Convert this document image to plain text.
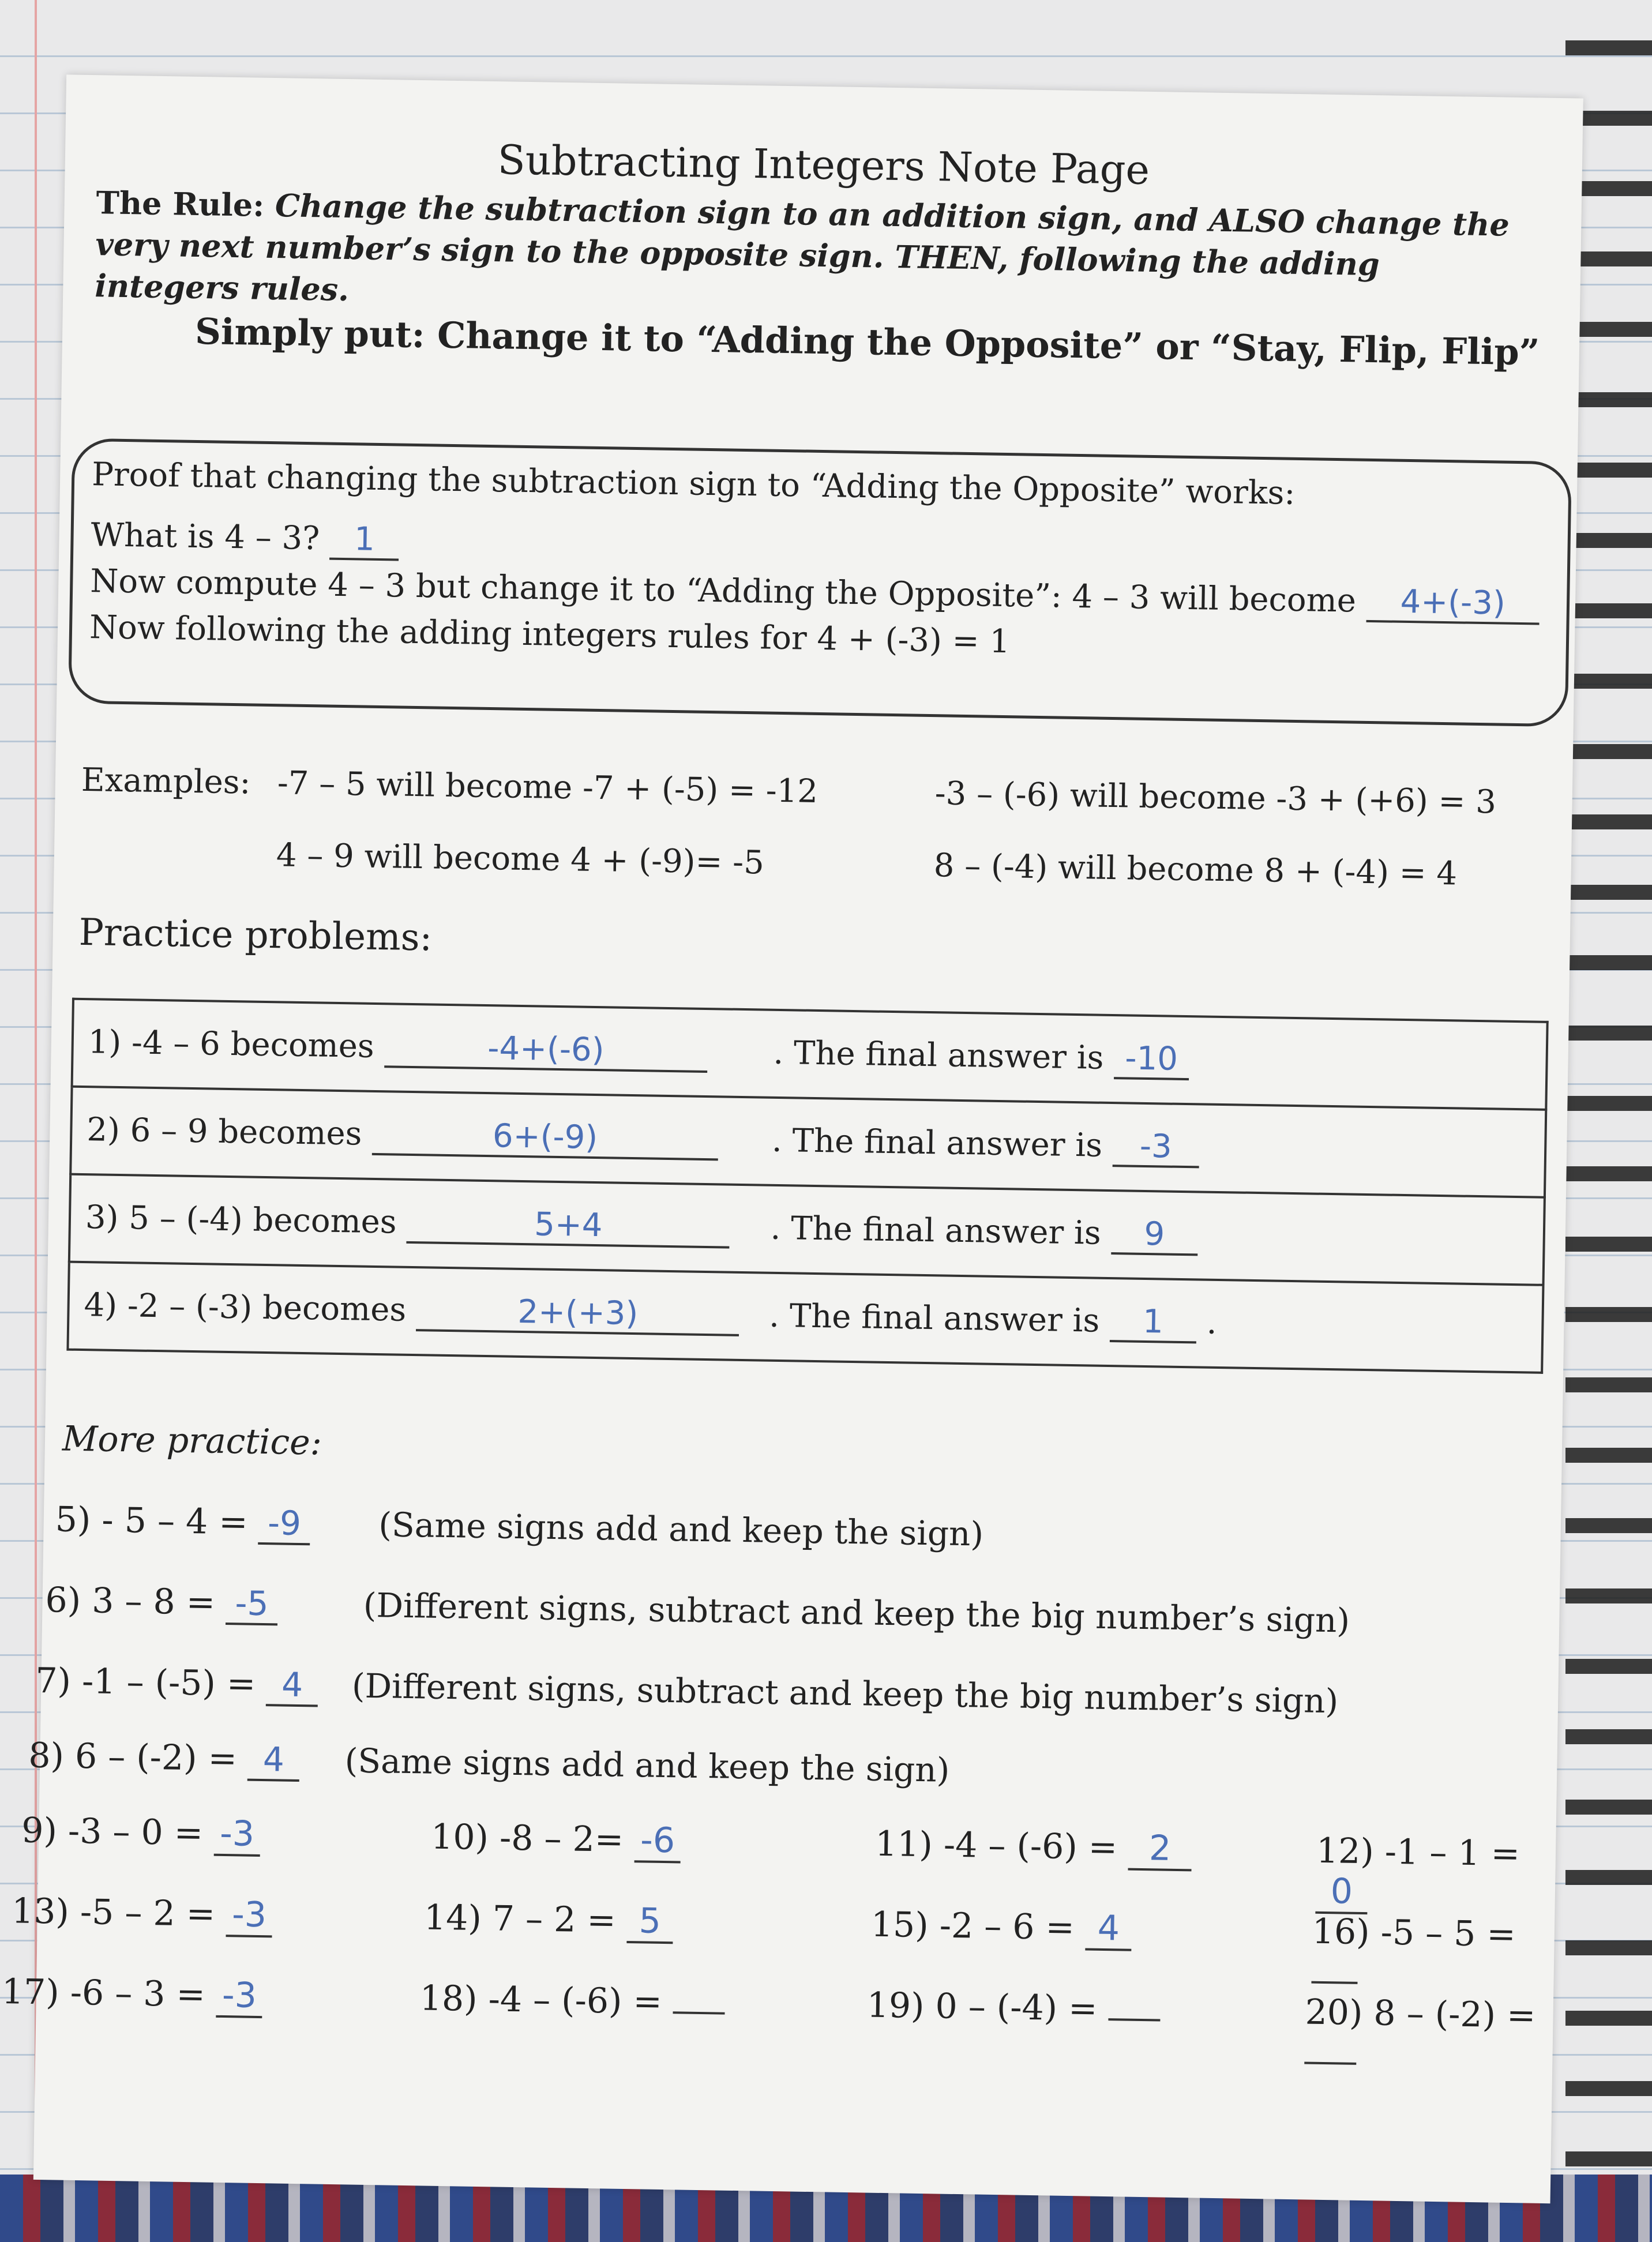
Subtracting Integers Note Page
The Rule: Change the subtraction sign to an addition sign, and ALSO change the very next number’s sign to the opposite sign. THEN, following the adding integers rules.
Simply put: Change it to “Adding the Opposite” or “Stay, Flip, Flip”
Proof that changing the subtraction sign to “Adding the Opposite” works:
What is 4 – 3? 1
Now compute 4 – 3 but change it to “Adding the Opposite”: 4 – 3 will become 4+(-3)
Now following the adding integers rules for 4 + (-3) = 1
Examples: -7 – 5 will become -7 + (-5) = -12	-3 – (-6) will become -3 + (+6) = 3
4 – 9 will become 4 + (-9)= -5	8 – (-4) will become 8 + (-4) = 4
Practice problems:
1) -4 – 6 becomes	-4+(-6)	. The final answer is -10
2) 6 – 9 becomes	6+(-9)	. The final answer is -3
3) 5 – (-4) becomes	5+4	. The final answer is 9
4) -2 – (-3) becomes	2+(+3)	. The final answer is 1 .
More practice:
5) - 5 – 4 = -9 (Same signs add and keep the sign)
6) 3 – 8 = -5	(Different signs, subtract and keep the big number’s sign)
7) -1 – (-5) = 4 (Different signs, subtract and keep the big number’s sign)
8) 6 – (-2) = 4 (Same signs add and keep the sign)
9) -3 – 0 = -3	10) -8 – 2= -6	11) -4 – (-6) = 2	12) -1 – 1 = 0
13) -5 – 2 = -3	14) 7 – 2 = 5	15) -2 – 6 = 4	16) -5 – 5 =
17) -6 – 3 = -3	18) -4 – (-6) =	19) 0 – (-4) =	20) 8 – (-2) =
